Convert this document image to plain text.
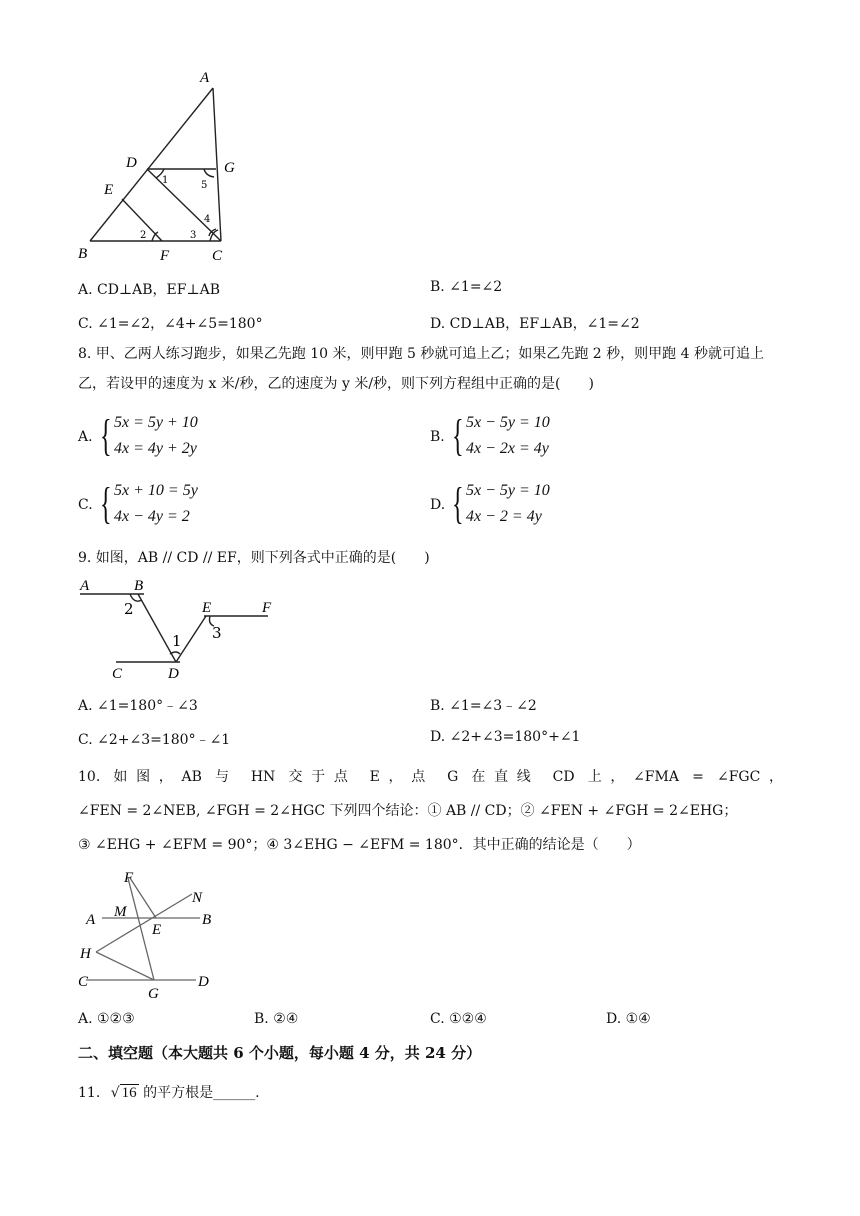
A
D
E
G
B	F	C
1	5
4
3
2
A. CD⊥AB，EF⊥AB	B. ∠1=∠2
C. ∠1=∠2，∠4+∠5=180°	D. CD⊥AB，EF⊥AB，∠1=∠2
8. 甲、乙两人练习跑步，如果乙先跑 10 米，则甲跑 5 秒就可追上乙；如果乙先跑 2 秒，则甲跑 4 秒就可追上乙，若设甲的速度为 x 米/秒，乙的速度为 y 米/秒，则下列方程组中正确的是(　　)
A. { 5x = 5y + 10
4x = 4y + 2y
B. { 5x − 5y = 10
4x − 2x = 4y
C. { 5x + 10 = 5y
4x − 4y = 2
D. { 5x − 5y = 10
4x − 2 = 4y
9. 如图，AB // CD // EF，则下列各式中正确的是(　　)
A	B
2
C	D
1
E	F
3
A. ∠1=180°﹣∠3	B. ∠1=∠3﹣∠2
C. ∠2+∠3=180°﹣∠1	D. ∠2+∠3=180°+∠1
10. 如图，AB 与 HN 交于点 E，点 G 在直线 CD 上，∠FMA = ∠FGC，
∠FEN = 2∠NEB, ∠FGH = 2∠HGC 下列四个结论：① AB // CD；② ∠FEN + ∠FGH = 2∠EHG；
③ ∠EHG + ∠EFM = 90°；④ 3∠EHG − ∠EFM = 180°．其中正确的结论是（　　）
F
N
A M
E
B
H
C
G
D
A. ①②③	B. ②④	C. ①②④	D. ①④
二、填空题（本大题共 6 个小题，每小题 4 分，共 24 分）
11. √ 16 的平方根是______.
